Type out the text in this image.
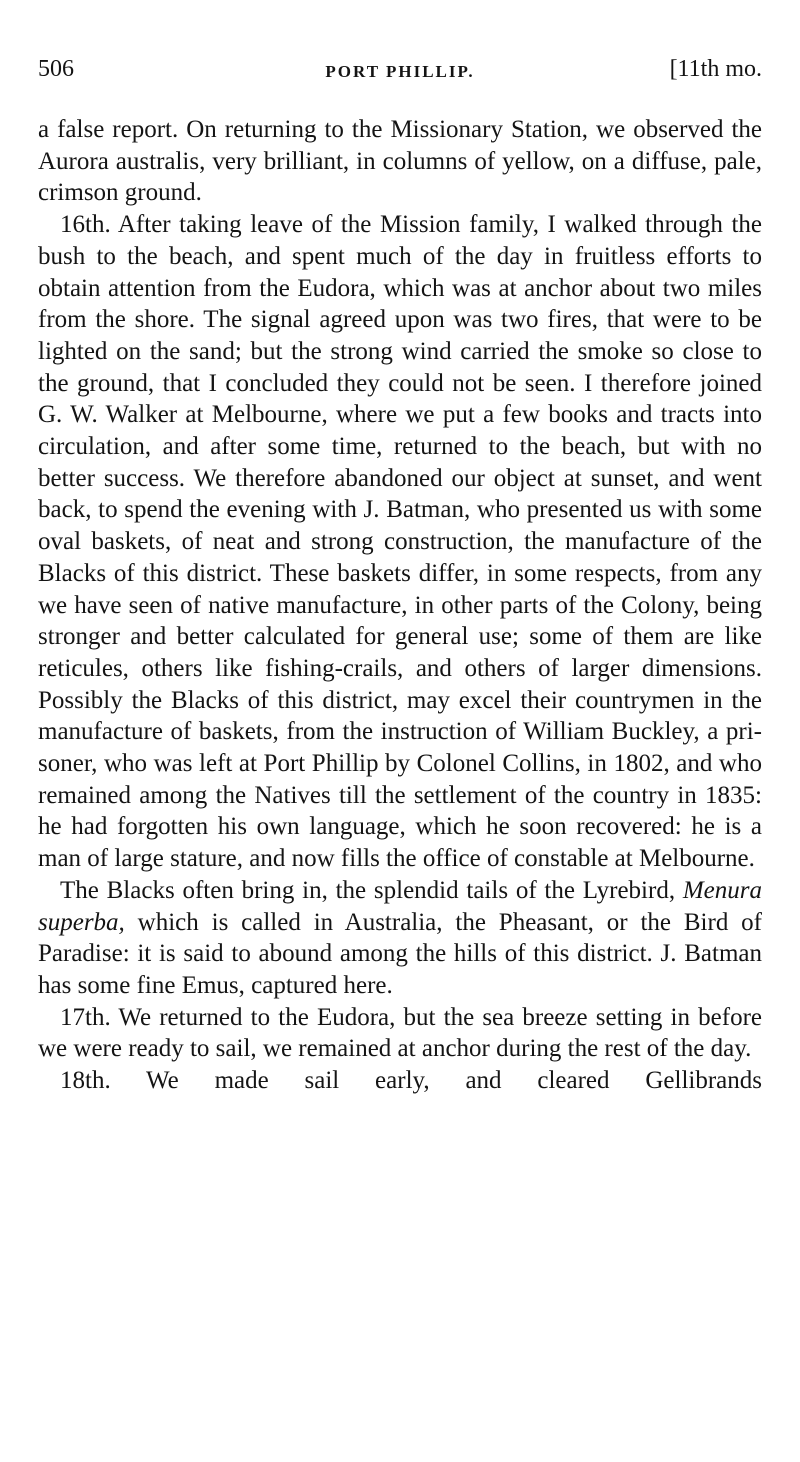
506	PORT PHILLIP.	[11th mo.

a false report. On returning to the Missionary Station, we observed the Aurora australis, very brilliant, in columns of yellow, on a diffuse, pale, crimson ground.

16th. After taking leave of the Mission family, I walked through the bush to the beach, and spent much of the day in fruitless efforts to obtain attention from the Eudora, which was at anchor about two miles from the shore. The signal agreed upon was two fires, that were to be lighted on the sand; but the strong wind carried the smoke so close to the ground, that I concluded they could not be seen. I therefore joined G. W. Walker at Melbourne, where we put a few books and tracts into circulation, and after some time, returned to the beach, but with no better success. We therefore abandoned our object at sunset, and went back, to spend the evening with J. Batman, who presented us with some oval baskets, of neat and strong construction, the manufacture of the Blacks of this district. These baskets differ, in some respects, from any we have seen of native manufacture, in other parts of the Colony, being stronger and better calculated for general use; some of them are like reticules, others like fishing-crails, and others of larger dimensions. Possibly the Blacks of this district, may excel their countrymen in the manufacture of baskets, from the instruction of William Buckley, a prisoner, who was left at Port Phillip by Colonel Collins, in 1802, and who remained among the Natives till the settlement of the country in 1835: he had forgotten his own language, which he soon recovered: he is a man of large stature, and now fills the office of constable at Melbourne.

The Blacks often bring in, the splendid tails of the Lyrebird, Menura superba, which is called in Australia, the Pheasant, or the Bird of Paradise: it is said to abound among the hills of this district. J. Batman has some fine Emus, captured here.

17th. We returned to the Eudora, but the sea breeze setting in before we were ready to sail, we remained at anchor during the rest of the day.

18th. We made sail early, and cleared Gellibrands
